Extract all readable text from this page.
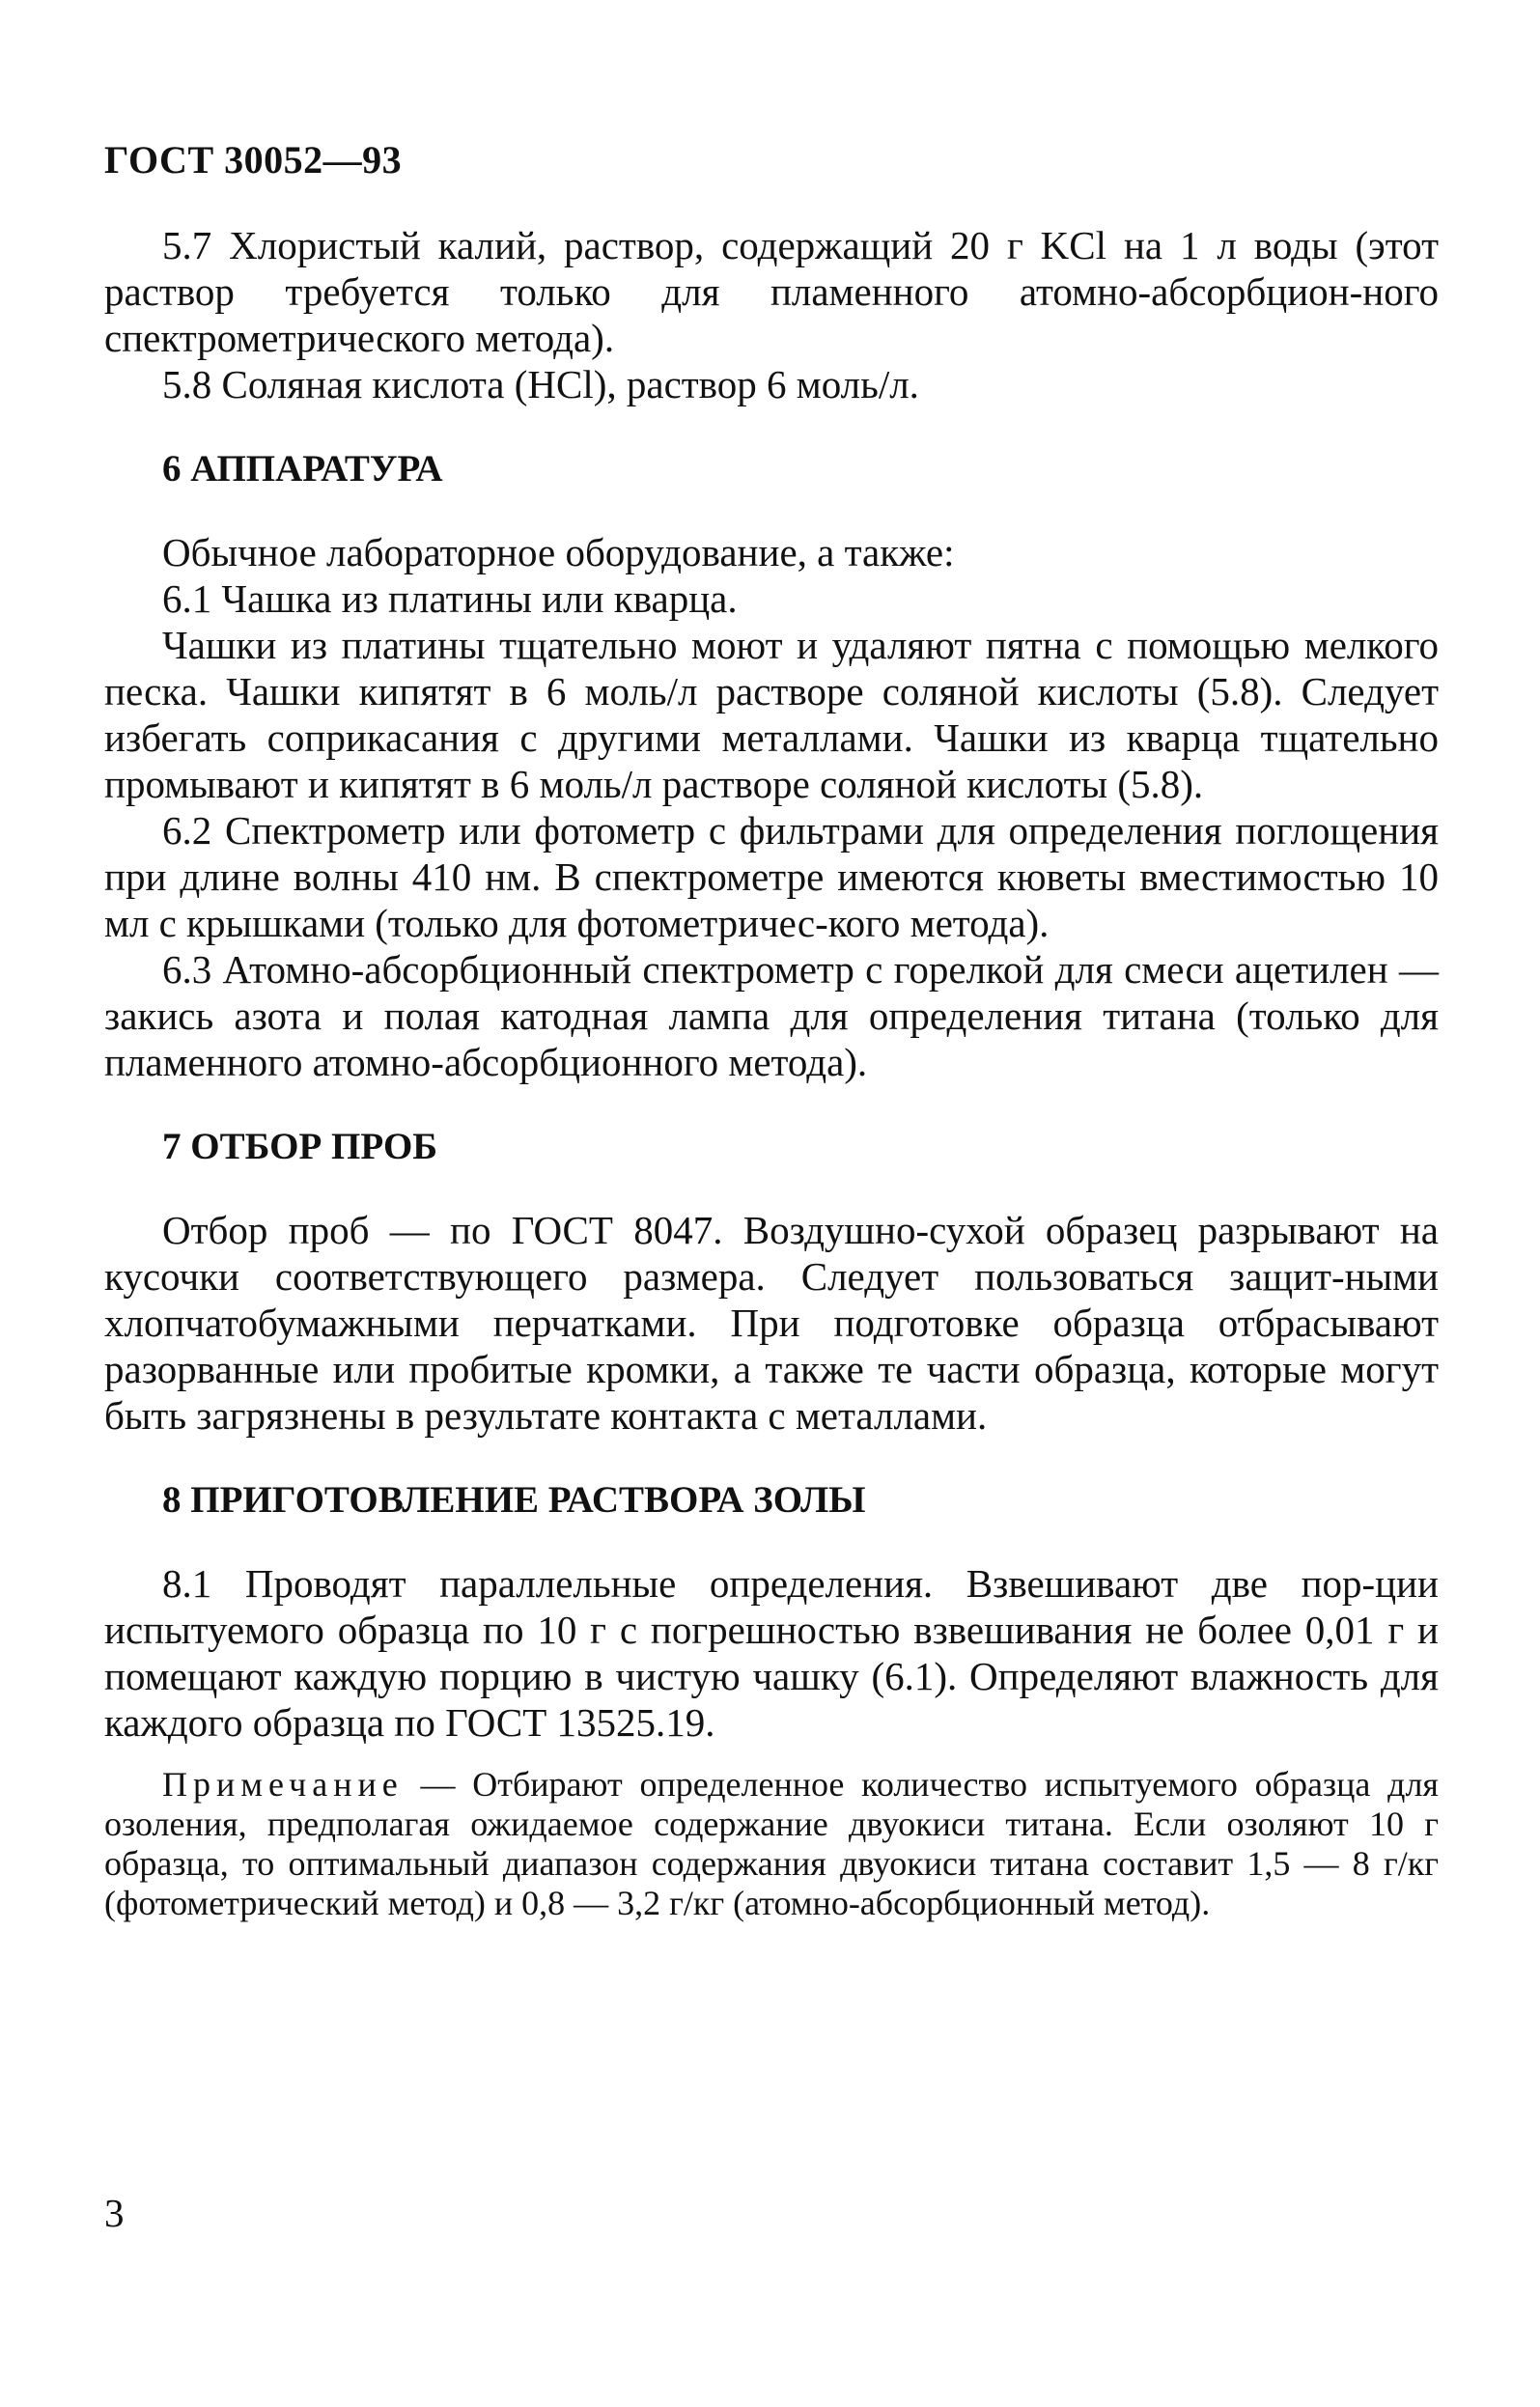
ГОСТ 30052—93

5.7 Хлористый калий, раствор, содержащий 20 г KCl на 1 л воды (этот раствор требуется только для пламенного атомно-абсорбцион-ного спектрометрического метода).

5.8 Соляная кислота (HCl), раствор 6 моль/л.

6 АППАРАТУРА

Обычное лабораторное оборудование, а также:

6.1 Чашка из платины или кварца.

Чашки из платины тщательно моют и удаляют пятна с помощью мелкого песка. Чашки кипятят в 6 моль/л растворе соляной кислоты (5.8). Следует избегать соприкасания с другими металлами. Чашки из кварца тщательно промывают и кипятят в 6 моль/л растворе соляной кислоты (5.8).

6.2 Спектрометр или фотометр с фильтрами для определения поглощения при длине волны 410 нм. В спектрометре имеются кюветы вместимостью 10 мл с крышками (только для фотометричес-кого метода).

6.3 Атомно-абсорбционный спектрометр с горелкой для смеси ацетилен — закись азота и полая катодная лампа для определения титана (только для пламенного атомно-абсорбционного метода).

7 ОТБОР ПРОБ

Отбор проб — по ГОСТ 8047. Воздушно-сухой образец разрывают на кусочки соответствующего размера. Следует пользоваться защит-ными хлопчатобумажными перчатками. При подготовке образца отбрасывают разорванные или пробитые кромки, а также те части образца, которые могут быть загрязнены в результате контакта с металлами.

8 ПРИГОТОВЛЕНИЕ РАСТВОРА ЗОЛЫ

8.1 Проводят параллельные определения. Взвешивают две пор-ции испытуемого образца по 10 г с погрешностью взвешивания не более 0,01 г и помещают каждую порцию в чистую чашку (6.1). Определяют влажность для каждого образца по ГОСТ 13525.19.

Примечание — Отбирают определенное количество испытуемого образца для озоления, предполагая ожидаемое содержание двуокиси титана. Если озоляют 10 г образца, то оптимальный диапазон содержания двуокиси титана составит 1,5 — 8 г/кг (фотометрический метод) и 0,8 — 3,2 г/кг (атомно-абсорбционный метод).
3
